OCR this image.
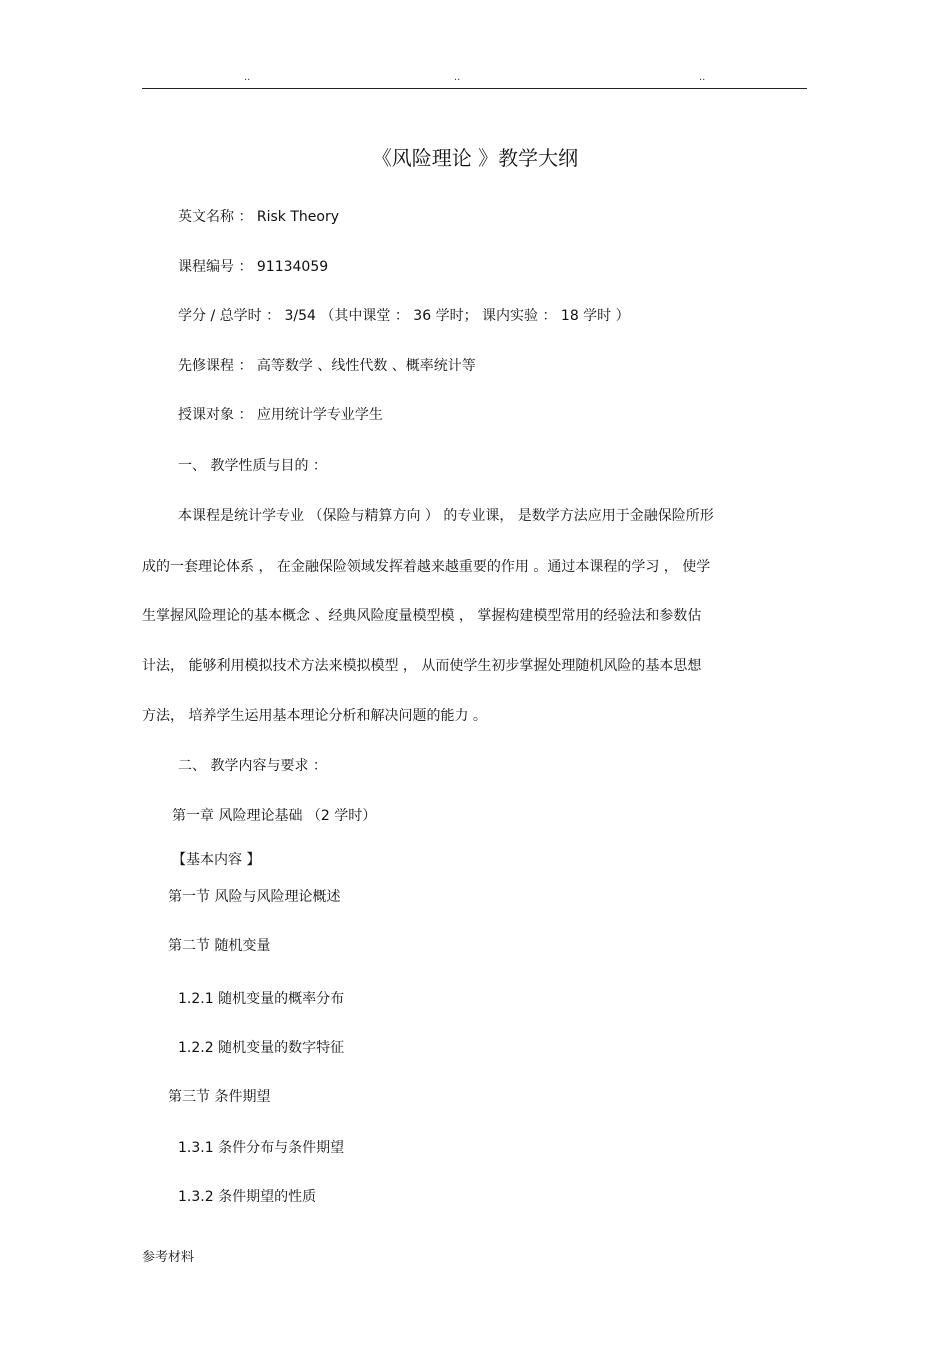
..	..	..
《风险理论 》教学大纲
英文名称 ： Risk Theory
课程编号 ： 91134059
学分 / 总学时 ： 3/54 （其中课堂 ： 36 学时； 课内实验 ： 18 学时 ）
先修课程 ： 高等数学 、线性代数 、概率统计等
授课对象 ： 应用统计学专业学生
一、 教学性质与目的 ：
本课程是统计学专业 （保险与精算方向 ） 的专业课， 是数学方法应用于金融保险所形
成的一套理论体系 ， 在金融保险领域发挥着越来越重要的作用 。通过本课程的学习 ， 使学
生掌握风险理论的基本概念 、经典风险度量模型模 ， 掌握构建模型常用的经验法和参数估
计法， 能够利用模拟技术方法来模拟模型 ， 从而使学生初步掌握处理随机风险的基本思想
方法， 培养学生运用基本理论分析和解决问题的能力 。
二、 教学内容与要求 ：
第一章 风险理论基础 （2 学时）
【基本内容 】
第一节 风险与风险理论概述
第二节 随机变量
1.2.1 随机变量的概率分布
1.2.2 随机变量的数字特征
第三节 条件期望
1.3.1 条件分布与条件期望
1.3.2 条件期望的性质
参考材料
